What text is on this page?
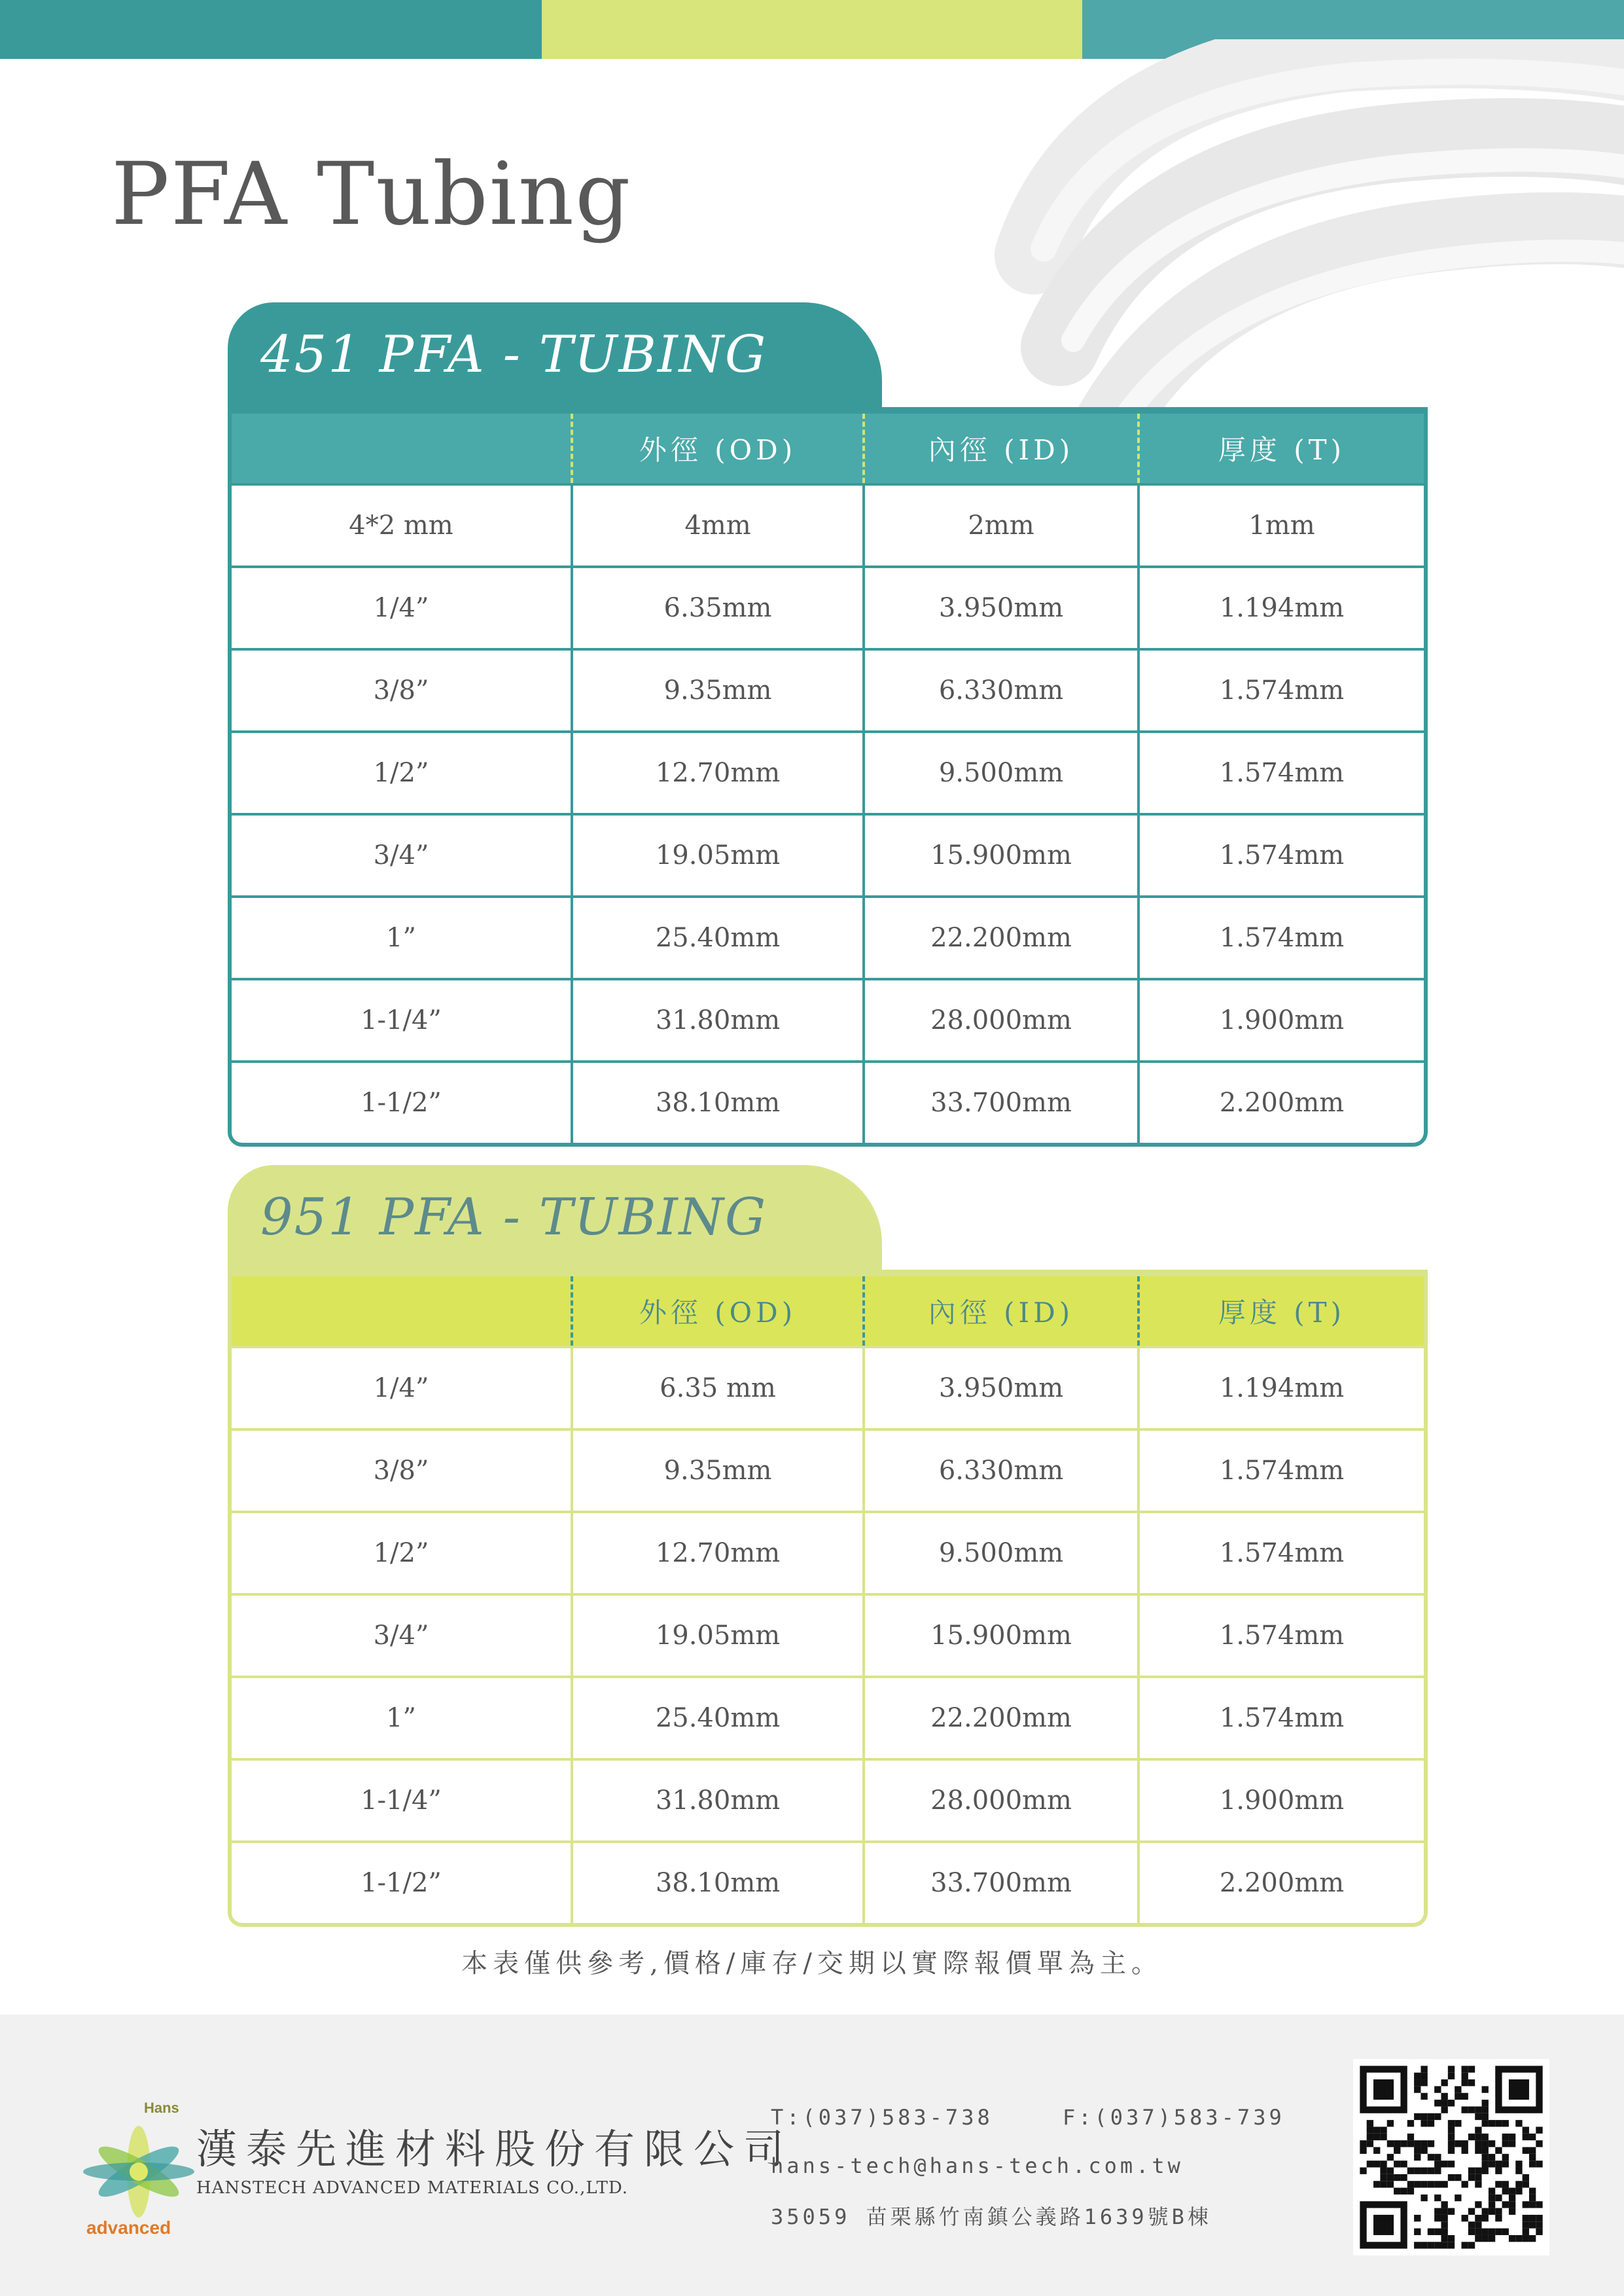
PFA Tubing
451 PFA - TUBING
	外徑 (OD)	內徑 (ID)	厚度 (T)
4*2 mm	4mm	2mm	1mm
1/4”	6.35mm	3.950mm	1.194mm
3/8”	9.35mm	6.330mm	1.574mm
1/2”	12.70mm	9.500mm	1.574mm
3/4”	19.05mm	15.900mm	1.574mm
1”	25.40mm	22.200mm	1.574mm
1-1/4”	31.80mm	28.000mm	1.900mm
1-1/2”	38.10mm	33.700mm	2.200mm
951 PFA - TUBING
	外徑 (OD)	內徑 (ID)	厚度 (T)
1/4”	6.35 mm	3.950mm	1.194mm
3/8”	9.35mm	6.330mm	1.574mm
1/2”	12.70mm	9.500mm	1.574mm
3/4”	19.05mm	15.900mm	1.574mm
1”	25.40mm	22.200mm	1.574mm
1-1/4”	31.80mm	28.000mm	1.900mm
1-1/2”	38.10mm	33.700mm	2.200mm
本表僅供參考,價格/庫存/交期以實際報價單為主。
Hans
advanced
漢泰先進材料股份有限公司
HANSTECH ADVANCED MATERIALS CO.,LTD.
T:(037)583-738	F:(037)583-739
hans-tech@hans-tech.com.tw
35059 苗栗縣竹南鎮公義路1639號B棟
